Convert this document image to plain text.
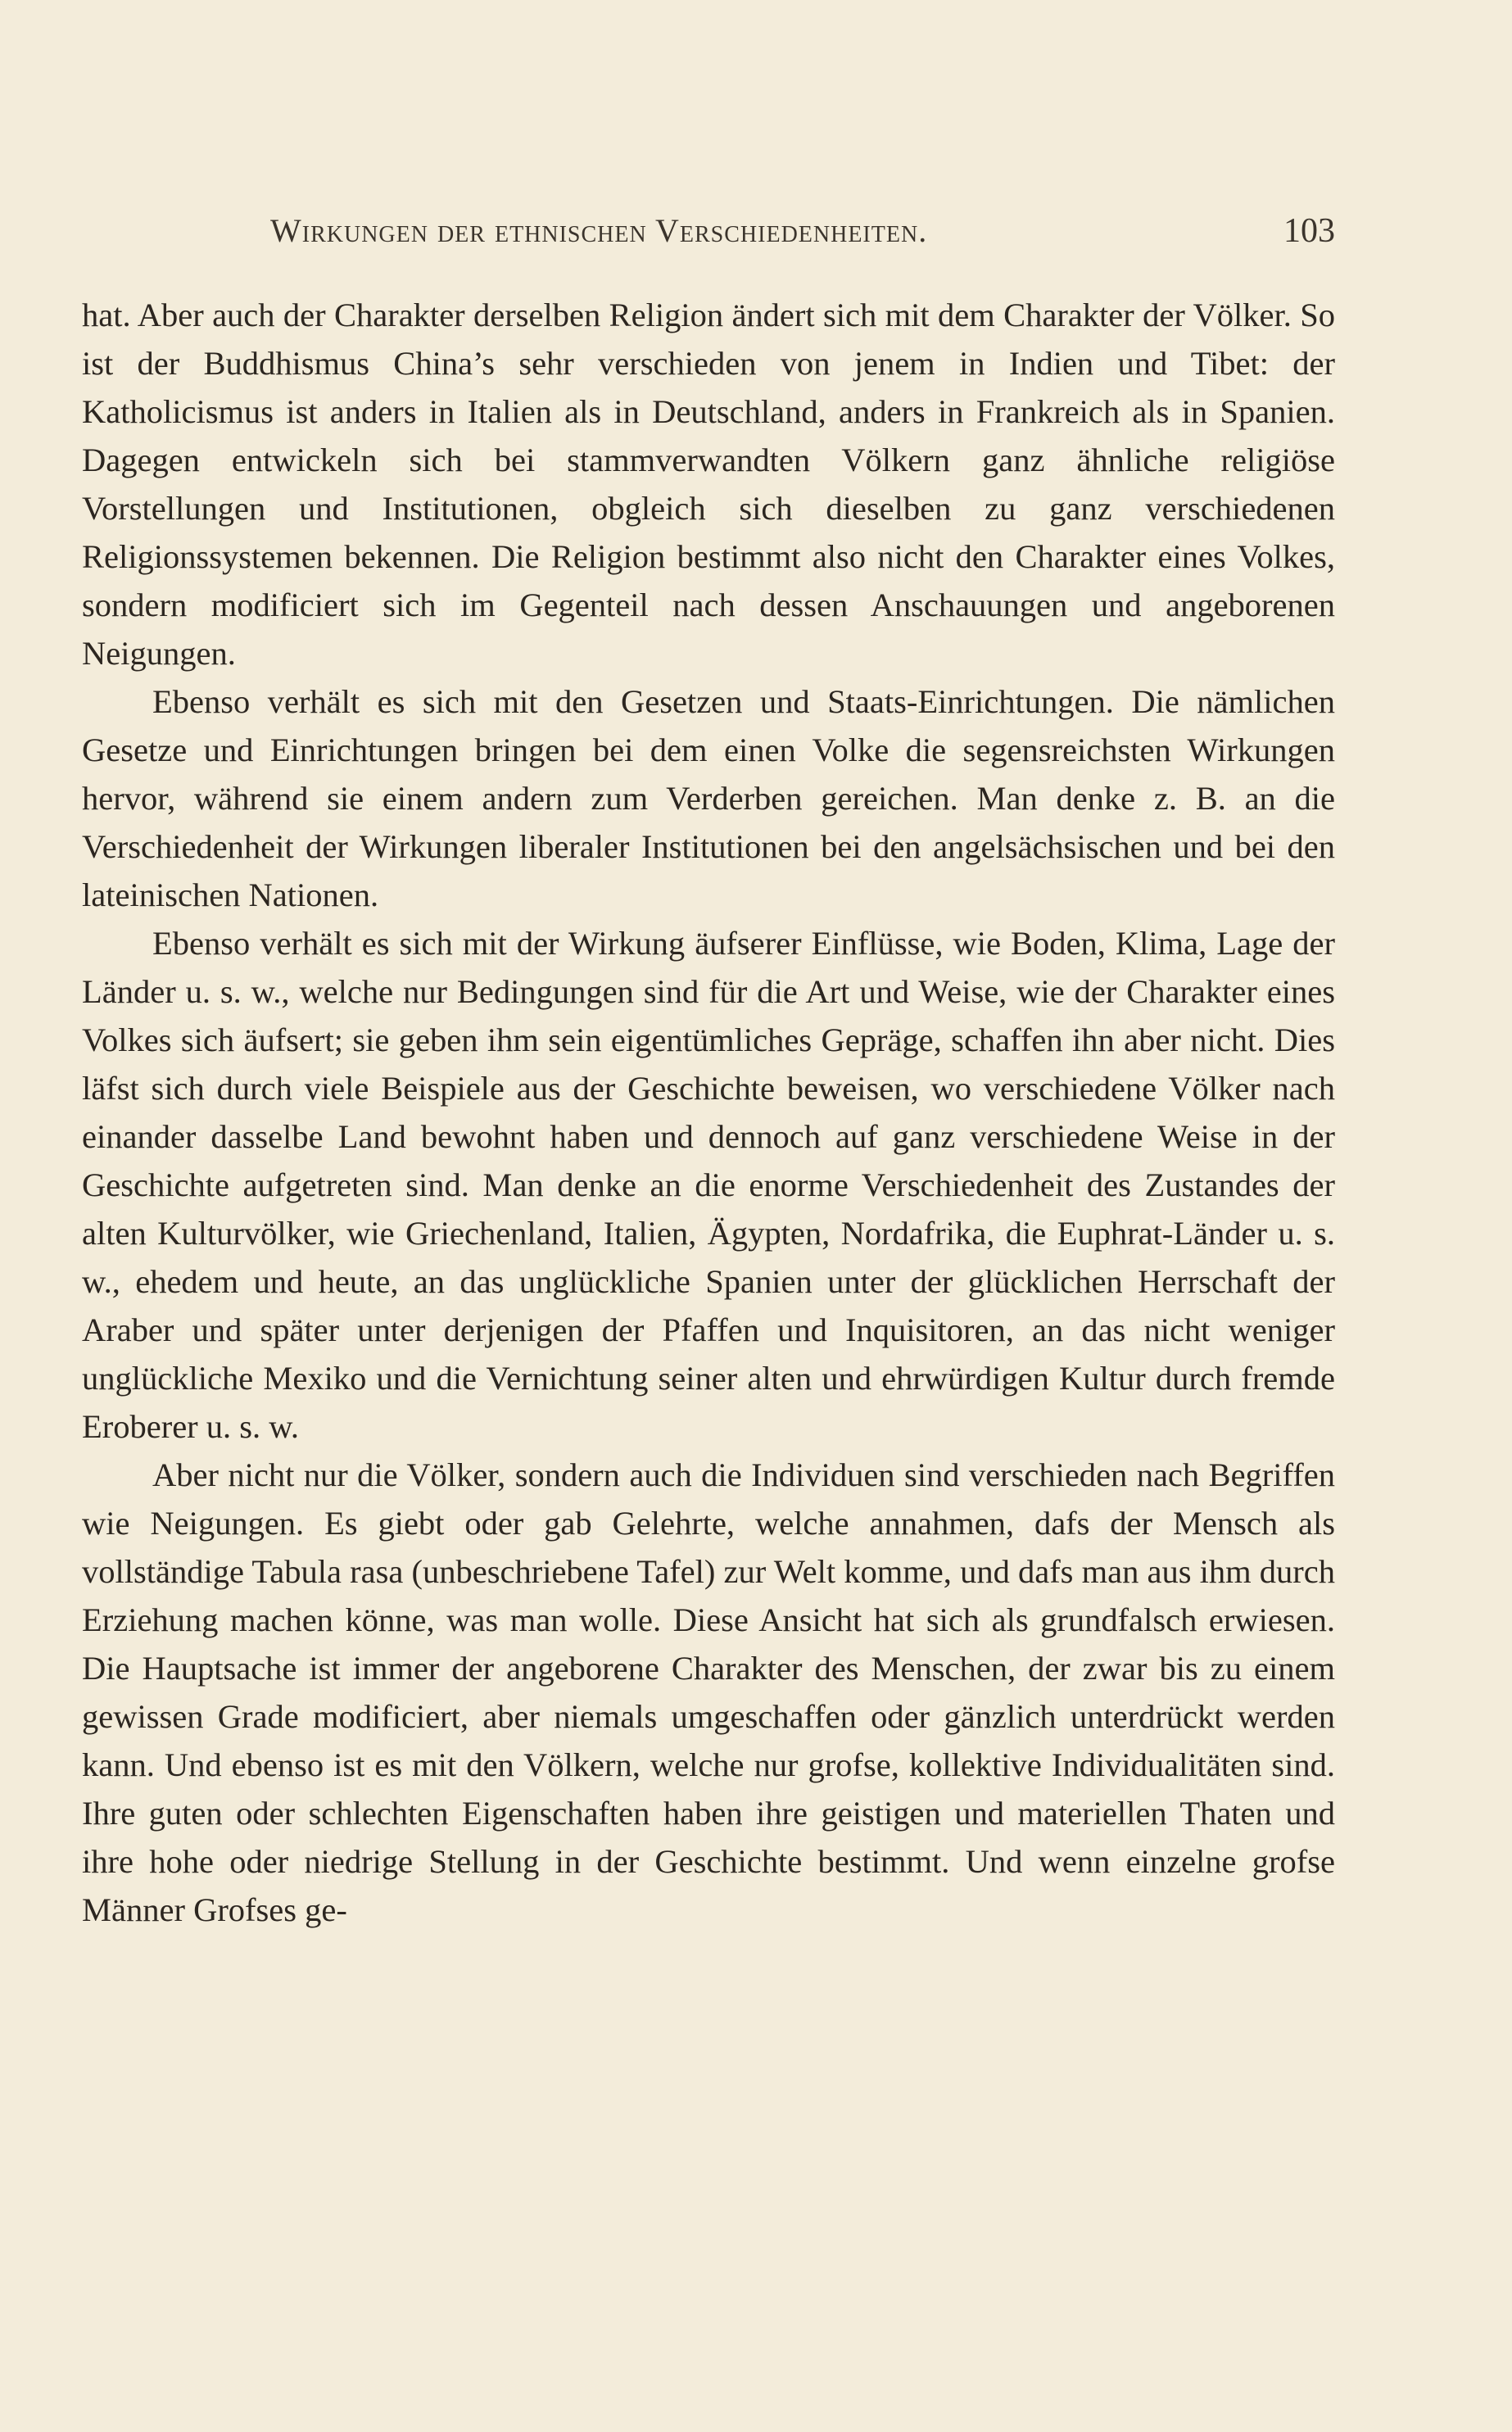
Wirkungen der ethnischen Verschiedenheiten.	103

hat. Aber auch der Charakter derselben Religion ändert sich mit dem Charakter der Völker. So ist der Buddhismus China’s sehr verschieden von jenem in Indien und Tibet: der Katholicismus ist anders in Italien als in Deutschland, anders in Frankreich als in Spanien. Dagegen entwickeln sich bei stammverwandten Völkern ganz ähnliche religiöse Vorstellungen und Institutionen, obgleich sich dieselben zu ganz verschiedenen Religionssystemen bekennen. Die Religion bestimmt also nicht den Charakter eines Volkes, sondern modificiert sich im Gegenteil nach dessen Anschauungen und angeborenen Neigungen.

Ebenso verhält es sich mit den Gesetzen und Staats-Einrichtungen. Die nämlichen Gesetze und Einrichtungen bringen bei dem einen Volke die segensreichsten Wirkungen hervor, während sie einem andern zum Verderben gereichen. Man denke z. B. an die Verschiedenheit der Wirkungen liberaler Institutionen bei den angelsächsischen und bei den lateinischen Nationen.

Ebenso verhält es sich mit der Wirkung äufserer Einflüsse, wie Boden, Klima, Lage der Länder u. s. w., welche nur Bedingungen sind für die Art und Weise, wie der Charakter eines Volkes sich äufsert; sie geben ihm sein eigentümliches Gepräge, schaffen ihn aber nicht. Dies läfst sich durch viele Beispiele aus der Geschichte beweisen, wo verschiedene Völker nach einander dasselbe Land bewohnt haben und dennoch auf ganz verschiedene Weise in der Geschichte aufgetreten sind. Man denke an die enorme Verschiedenheit des Zustandes der alten Kulturvölker, wie Griechenland, Italien, Ägypten, Nordafrika, die Euphrat-Länder u. s. w., ehedem und heute, an das unglückliche Spanien unter der glücklichen Herrschaft der Araber und später unter derjenigen der Pfaffen und Inquisitoren, an das nicht weniger unglückliche Mexiko und die Vernichtung seiner alten und ehrwürdigen Kultur durch fremde Eroberer u. s. w.

Aber nicht nur die Völker, sondern auch die Individuen sind verschieden nach Begriffen wie Neigungen. Es giebt oder gab Gelehrte, welche annahmen, dafs der Mensch als vollständige Tabula rasa (unbeschriebene Tafel) zur Welt komme, und dafs man aus ihm durch Erziehung machen könne, was man wolle. Diese Ansicht hat sich als grundfalsch erwiesen. Die Hauptsache ist immer der angeborene Charakter des Menschen, der zwar bis zu einem gewissen Grade modificiert, aber niemals umgeschaffen oder gänzlich unterdrückt werden kann. Und ebenso ist es mit den Völkern, welche nur grofse, kollektive Individualitäten sind. Ihre guten oder schlechten Eigenschaften haben ihre geistigen und materiellen Thaten und ihre hohe oder niedrige Stellung in der Geschichte bestimmt. Und wenn einzelne grofse Männer Grofses ge-
